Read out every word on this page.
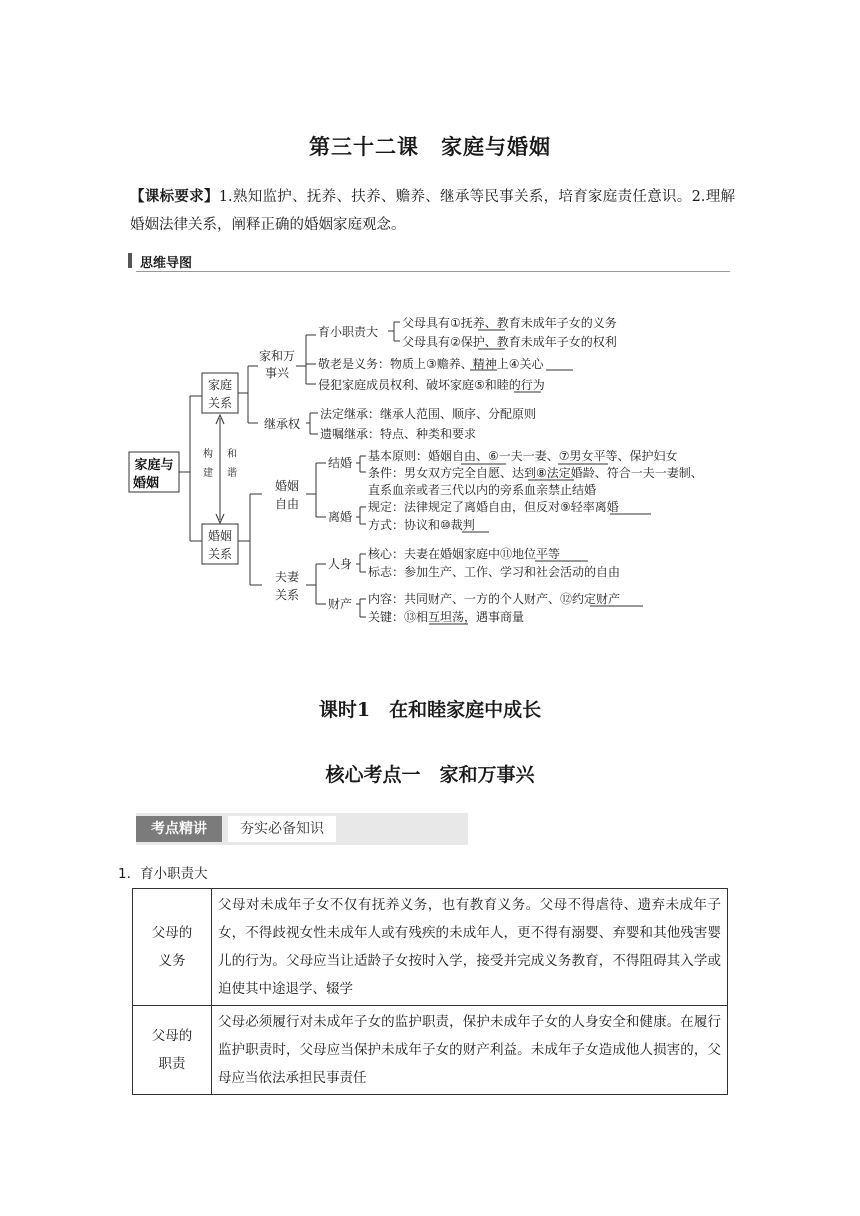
第三十二课　家庭与婚姻
【课标要求】1.熟知监护、抚养、扶养、赡养、继承等民事关系，培育家庭责任意识。2.理解婚姻法律关系，阐释正确的婚姻家庭观念。
思维导图
家庭与
婚姻
构
建
和
谐
家庭
关系
家和万
事兴
育小职责大
父母具有①抚养、教育未成年子女的义务
父母具有②保护、教育未成年子女的权利
敬老是义务：物质上③赡养、精神上④关心
侵犯家庭成员权利、破坏家庭⑤和睦的行为
继承权
法定继承：继承人范围、顺序、分配原则
遗嘱继承：特点、种类和要求
婚姻
关系
婚姻
自由
结婚 基本原则：婚姻自由、⑥一夫一妻、⑦男女平等、保护妇女
条件：男女双方完全自愿、达到⑧法定婚龄、符合一夫一妻制、
直系血亲或者三代以内的旁系血亲禁止结婚
离婚
规定：法律规定了离婚自由，但反对⑨轻率离婚
方式：协议和⑩裁判
夫妻
关系
人身
核心：夫妻在婚姻家庭中⑪地位平等
标志：参加生产、工作、学习和社会活动的自由
财产 内容：共同财产、一方的个人财产、⑫约定财产
关键：⑬相互坦荡，遇事商量
课时1　在和睦家庭中成长
核心考点一　家和万事兴
考点精讲	夯实必备知识
1．育小职责大
父母的
义务	父母对未成年子女不仅有抚养义务，也有教育义务。父母不得虐待、遗弃未成年子女，不得歧视女性未成年人或有残疾的未成年人，更不得有溺婴、弃婴和其他残害婴儿的行为。父母应当让适龄子女按时入学，接受并完成义务教育，不得阻碍其入学或迫使其中途退学、辍学
父母的
职责	父母必须履行对未成年子女的监护职责，保护未成年子女的人身安全和健康。在履行监护职责时，父母应当保护未成年子女的财产利益。未成年子女造成他人损害的，父母应当依法承担民事责任
